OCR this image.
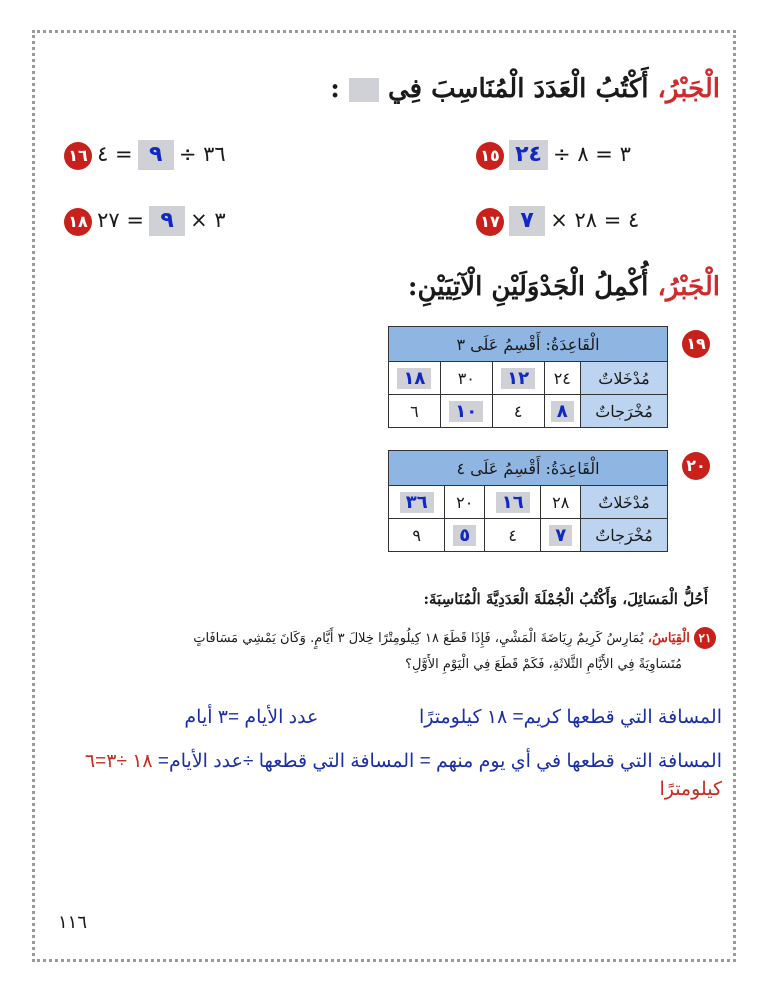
الْجَبْرُ، أَكْتُبُ الْعَدَدَ الْمُنَاسِبَ فِي  :
١٥ ٢٤ ÷ ٣ = ٨
١٦	٣٦ ÷ ٩ = ٤
١٧ ٧ × ٤ = ٢٨
١٨	٣ × ٩ = ٢٧
الْجَبْرُ، أُكْمِلُ الْجَدْوَلَيْنِ الْآتِيَيْنِ:
١٩
الْقَاعِدَةُ: أَقْسِمُ عَلَى ٣				
مُدْخَلاتٌ	٢٤	١٢	٣٠	١٨
مُخْرَجاتٌ	٨	٤	١٠	٦
٢٠
الْقَاعِدَةُ: أَقْسِمُ عَلَى ٤				
مُدْخَلاتٌ	٢٨	١٦	٢٠	٣٦
مُخْرَجاتٌ	٧	٤	٥	٩
أَحُلُّ الْمَسَائِلَ، وَأَكْتُبُ الْجُمْلَةَ الْعَدَدِيَّةَ الْمُنَاسِبَةَ:
٢١ الْقِيَاسُ، يُمَارِسُ كَرِيمٌ رِيَاضَةَ الْمَشْيِ، فَإِذَا قَطَعَ ١٨ كِيلُومِتْرًا خِلالَ ٣ أَيَّامٍ. وَكَانَ يَمْشِي مَسَافَاتٍ
مُتَسَاوِيَةً فِي الأَيَّامِ الثَّلاثَةِ، فَكَمْ قَطَعَ فِي الْيَوْمِ الأَوَّلِ؟
المسافة التي قطعها كريم= ١٨ كيلومترًا  عدد الأيام =٣ أيام
المسافة التي قطعها في أي يوم منهم = المسافة التي قطعها ÷عدد الأيام= ١٨ ÷٣=٦
كيلومترًا
١١٦
